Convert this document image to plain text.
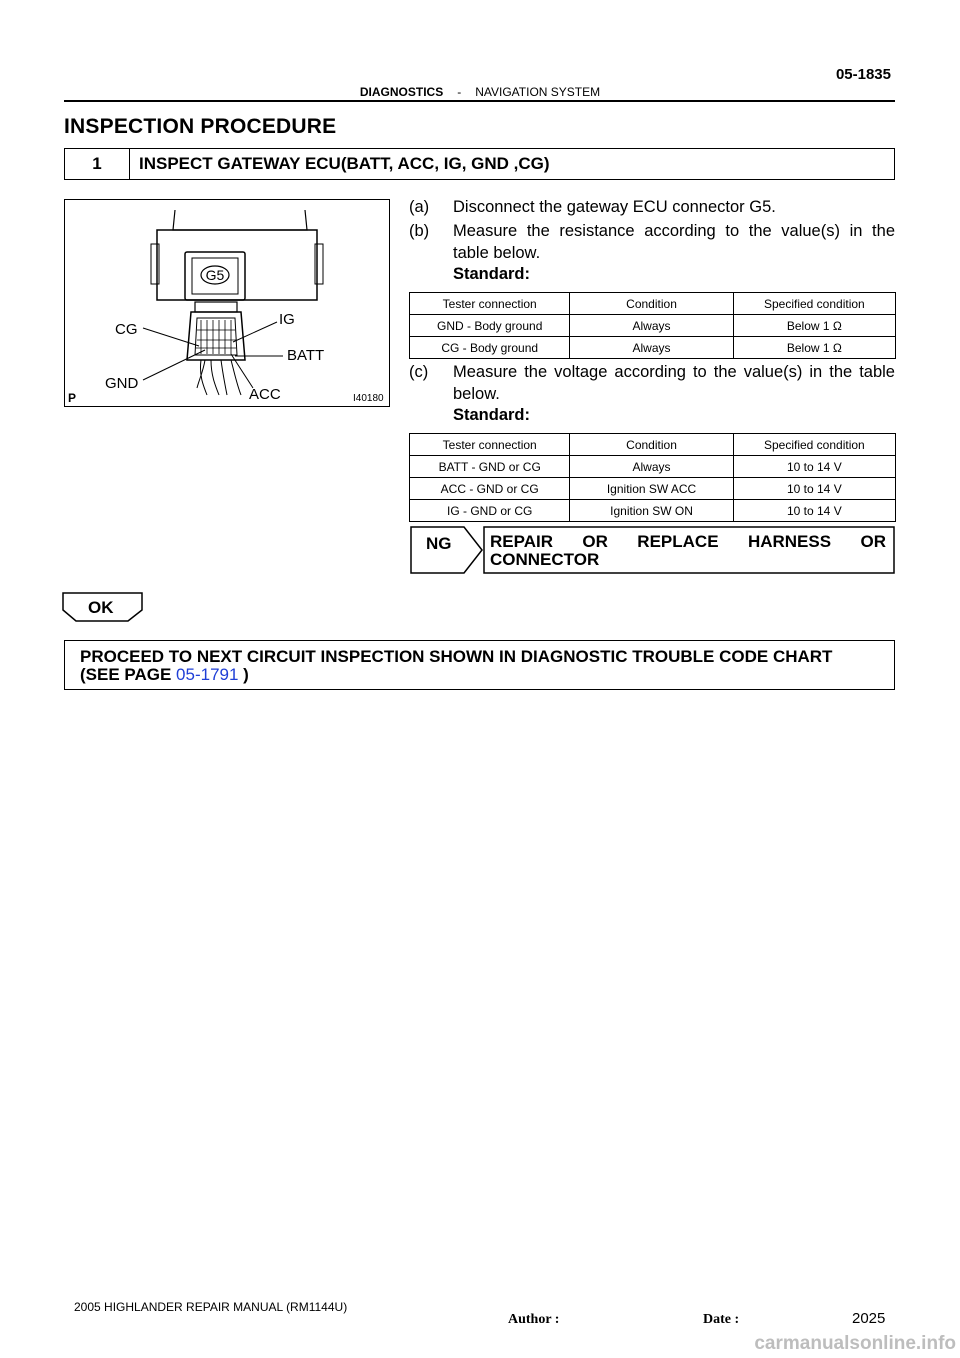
05-1835
DIAGNOSTICS - NAVIGATION SYSTEM
INSPECTION PROCEDURE
1	INSPECT GATEWAY ECU(BATT, ACC, IG, GND ,CG)
G5
CG
IG
BATT
GND
ACC
P	I40180
(a) Disconnect the gateway ECU connector G5.
(b) Measure the resistance according to the value(s) in the table below.
Standard:
Tester connection	Condition	Specified condition
GND - Body ground	Always	Below 1 Ω
CG - Body ground	Always	Below 1 Ω
(c) Measure the voltage according to the value(s) in the table below.
Standard:
Tester connection	Condition	Specified condition
BATT - GND or CG	Always	10 to 14 V
ACC - GND or CG	Ignition SW ACC	10 to 14 V
IG - GND or CG	Ignition SW ON	10 to 14 V
NG REPAIR OR REPLACE HARNESS OR
CONNECTOR
OK
PROCEED TO NEXT CIRCUIT INSPECTION SHOWN IN DIAGNOSTIC TROUBLE CODE CHART
(SEE PAGE 05-1791 )
2005 HIGHLANDER REPAIR MANUAL (RM1144U)
Author :	Date :	2025
carmanualsonline.info
